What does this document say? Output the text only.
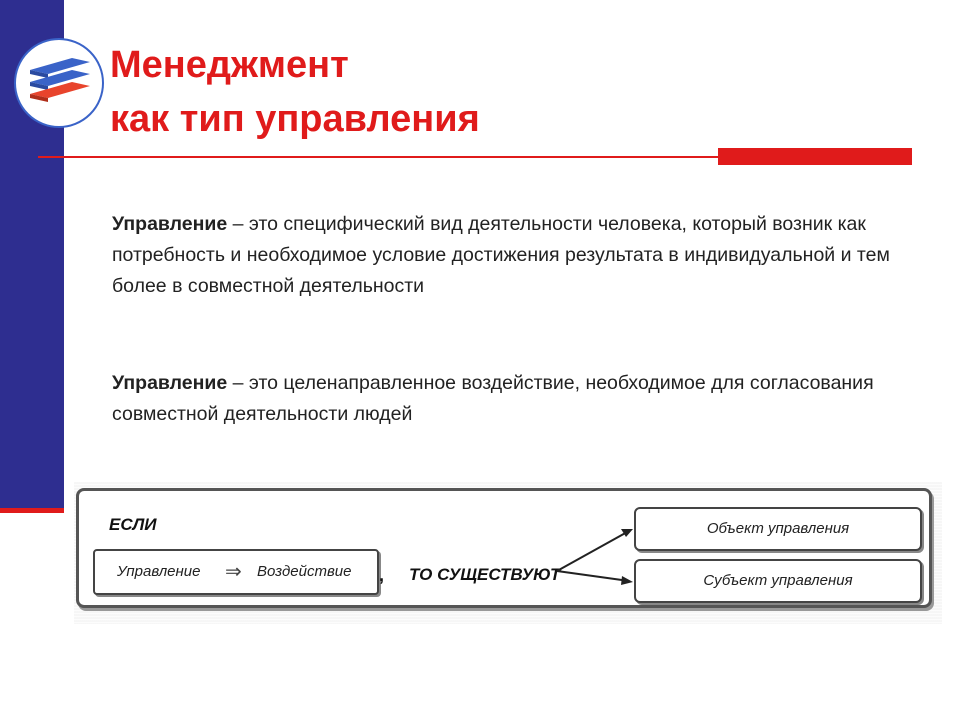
Менеджмент
как тип управления
Управление – это специфический вид деятельности человека, который возник как потребность и необходимое условие достижения результата в индивидуальной и тем более в совместной деятельности
Управление – это целенаправленное воздействие, необходимое для согласования совместной деятельности людей
ЕСЛИ
Управление ⇒ Воздействие , ТО СУЩЕСТВУЮТ
Объект управления
Субъект управления
